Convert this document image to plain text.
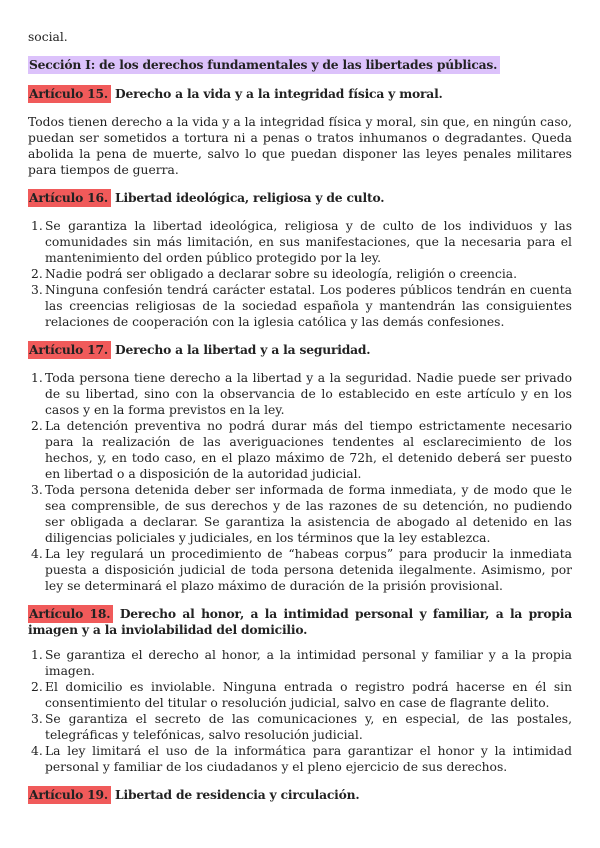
social.

Sección I: de los derechos fundamentales y de las libertades públicas.

Artículo 15. Derecho a la vida y a la integridad física y moral.

Todos tienen derecho a la vida y a la integridad física y moral, sin que, en ningún caso, puedan ser sometidos a tortura ni a penas o tratos inhumanos o degradantes. Queda abolida la pena de muerte, salvo lo que puedan disponer las leyes penales militares para tiempos de guerra.

Artículo 16. Libertad ideológica, religiosa y de culto.

1. Se garantiza la libertad ideológica, religiosa y de culto de los individuos y las comunidades sin más limitación, en sus manifestaciones, que la necesaria para el mantenimiento del orden público protegido por la ley.
2. Nadie podrá ser obligado a declarar sobre su ideología, religión o creencia.
3. Ninguna confesión tendrá carácter estatal. Los poderes públicos tendrán en cuenta las creencias religiosas de la sociedad española y mantendrán las consiguientes relaciones de cooperación con la iglesia católica y las demás confesiones.

Artículo 17. Derecho a la libertad y a la seguridad.

1. Toda persona tiene derecho a la libertad y a la seguridad. Nadie puede ser privado de su libertad, sino con la observancia de lo establecido en este artículo y en los casos y en la forma previstos en la ley.
2. La detención preventiva no podrá durar más del tiempo estrictamente necesario para la realización de las averiguaciones tendentes al esclarecimiento de los hechos, y, en todo caso, en el plazo máximo de 72h, el detenido deberá ser puesto en libertad o a disposición de la autoridad judicial.
3. Toda persona detenida deber ser informada de forma inmediata, y de modo que le sea comprensible, de sus derechos y de las razones de su detención, no pudiendo ser obligada a declarar. Se garantiza la asistencia de abogado al detenido en las diligencias policiales y judiciales, en los términos que la ley establezca.
4. La ley regulará un procedimiento de “habeas corpus” para producir la inmediata puesta a disposición judicial de toda persona detenida ilegalmente. Asimismo, por ley se determinará el plazo máximo de duración de la prisión provisional.

Artículo 18. Derecho al honor, a la intimidad personal y familiar, a la propia imagen y a la inviolabilidad del domicilio.

1. Se garantiza el derecho al honor, a la intimidad personal y familiar y a la propia imagen.
2. El domicilio es inviolable. Ninguna entrada o registro podrá hacerse en él sin consentimiento del titular o resolución judicial, salvo en case de flagrante delito.
3. Se garantiza el secreto de las comunicaciones y, en especial, de las postales, telegráficas y telefónicas, salvo resolución judicial.
4. La ley limitará el uso de la informática para garantizar el honor y la intimidad personal y familiar de los ciudadanos y el pleno ejercicio de sus derechos.

Artículo 19. Libertad de residencia y circulación.
